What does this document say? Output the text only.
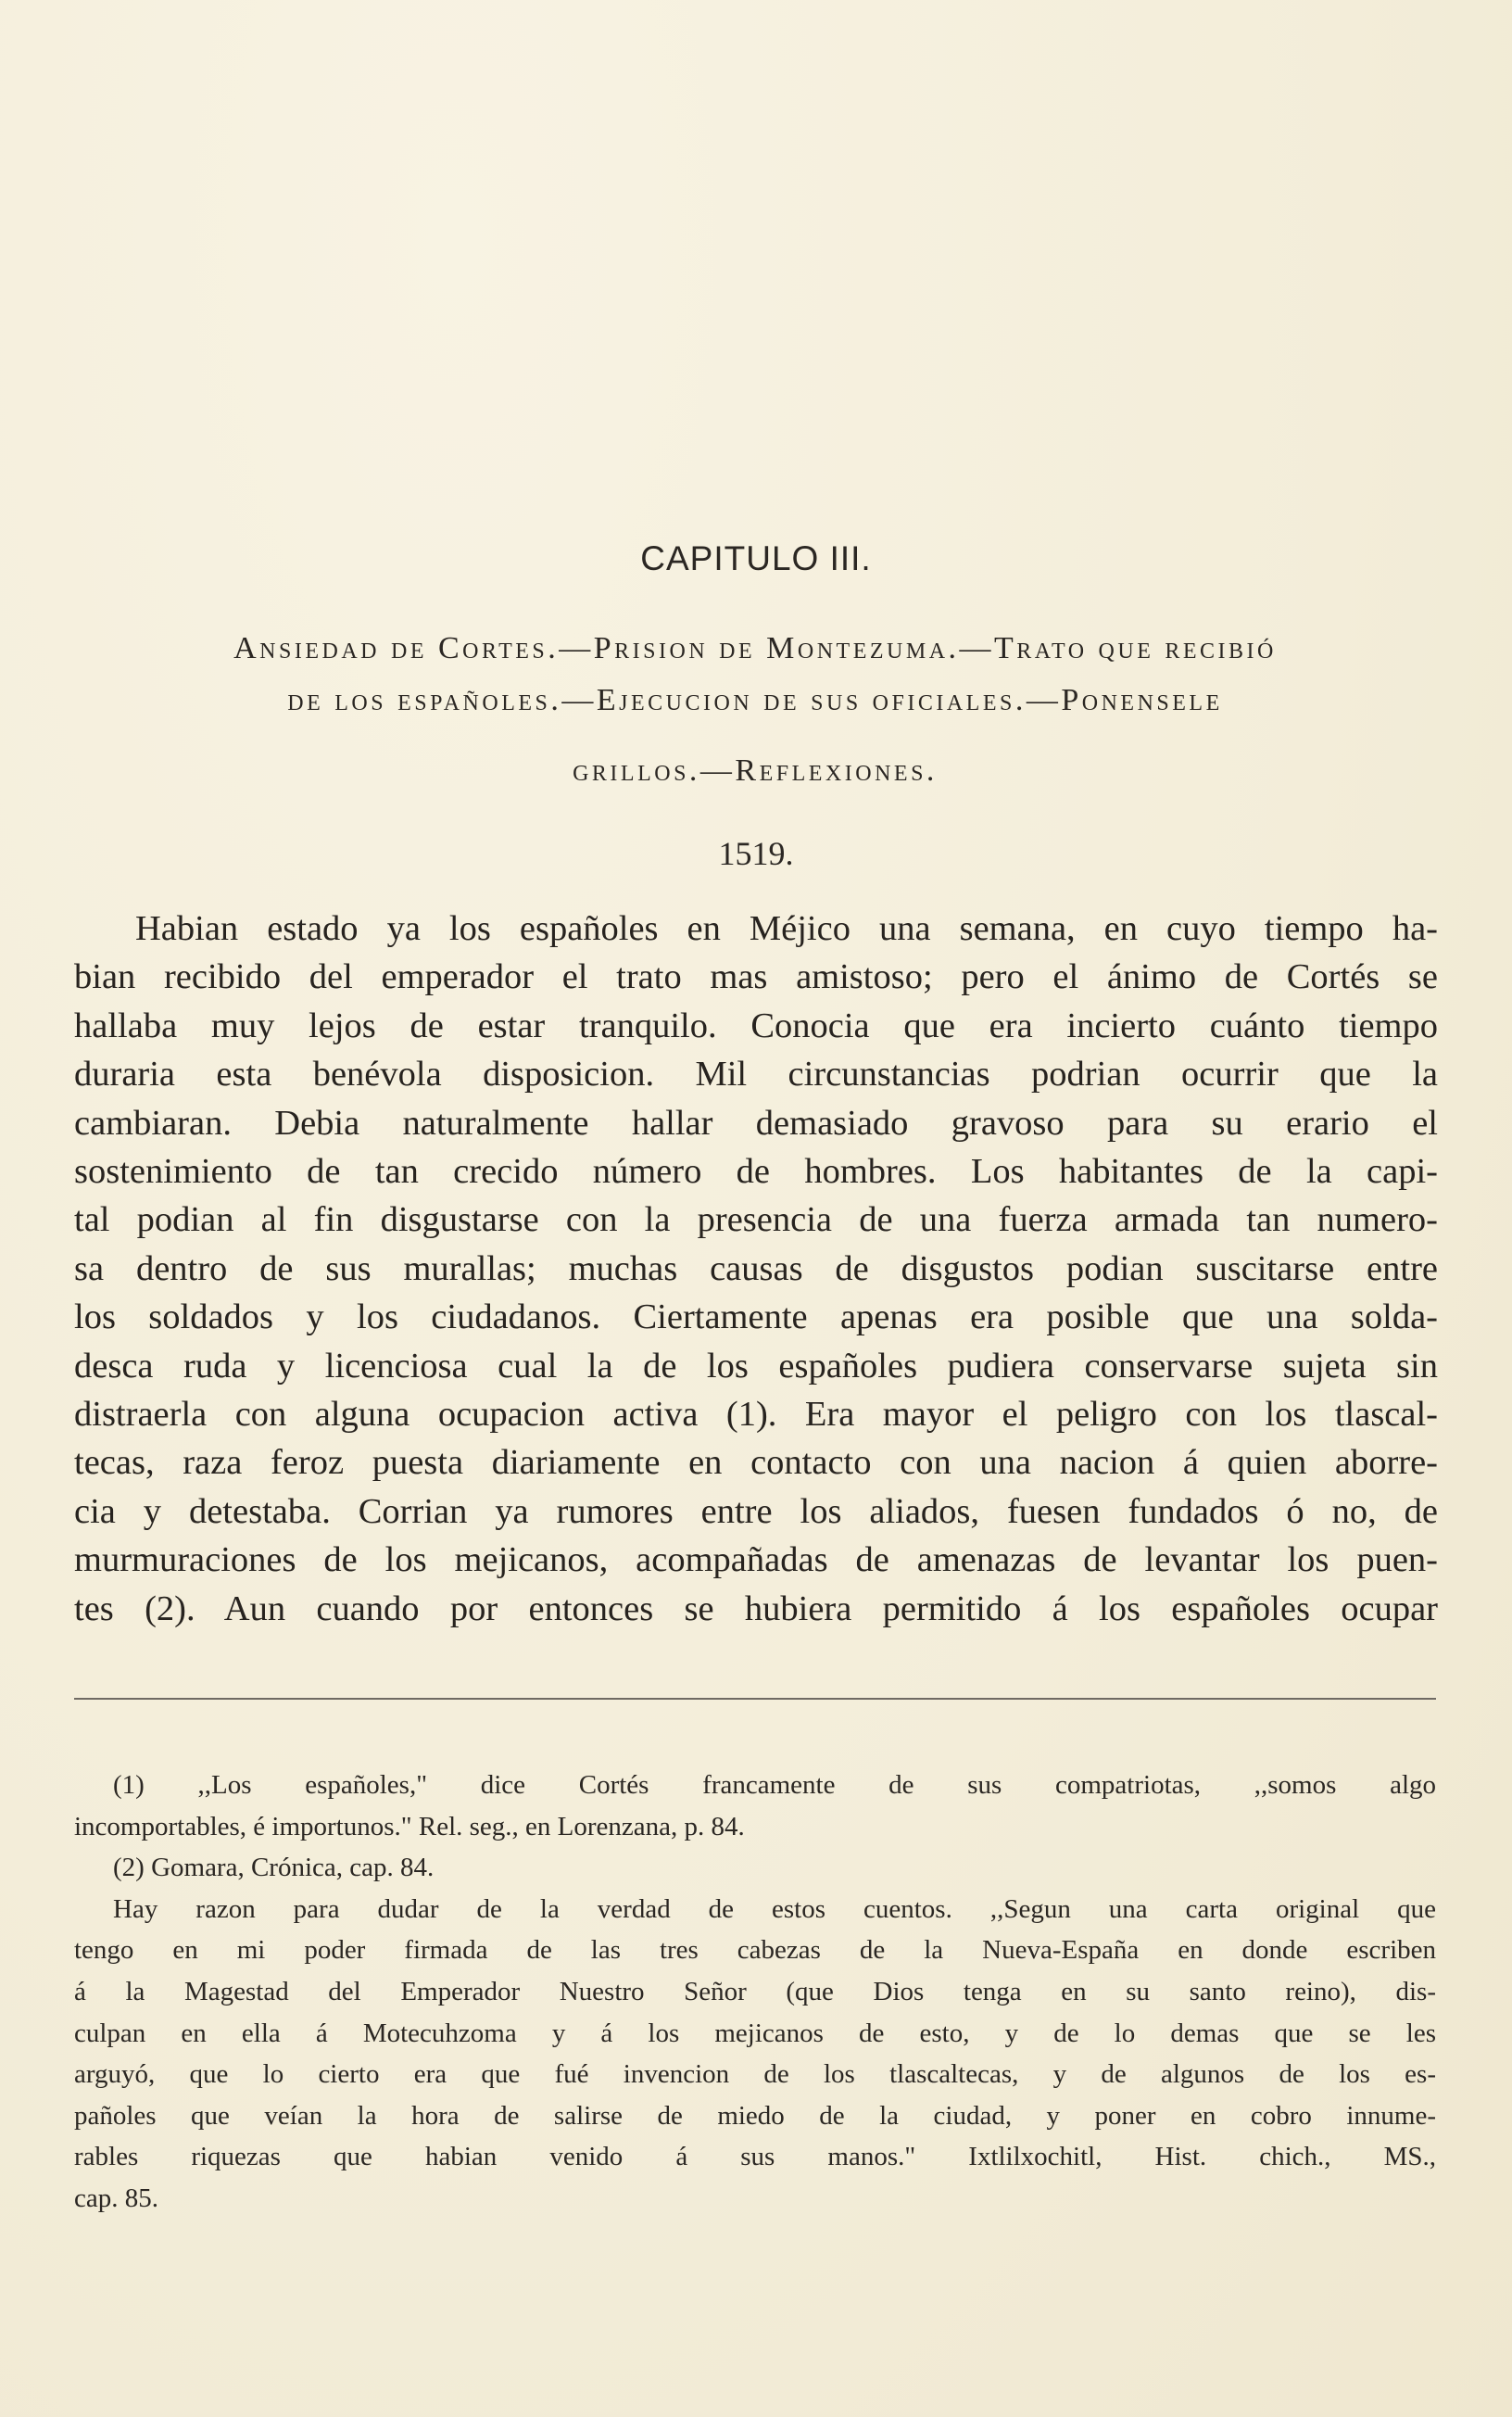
CAPITULO III.
Ansiedad de Cortes.—Prision de Montezuma.—Trato que recibió
de los españoles.—Ejecucion de sus oficiales.—Ponensele
grillos.—Reflexiones.
1519.
Habian estado ya los españoles en Méjico una semana, en cuyo tiempo ha-
bian recibido del emperador el trato mas amistoso; pero el ánimo de Cortés se
hallaba muy lejos de estar tranquilo. Conocia que era incierto cuánto tiempo
duraria esta benévola disposicion. Mil circunstancias podrian ocurrir que la
cambiaran. Debia naturalmente hallar demasiado gravoso para su erario el
sostenimiento de tan crecido número de hombres. Los habitantes de la capi-
tal podian al fin disgustarse con la presencia de una fuerza armada tan numero-
sa dentro de sus murallas; muchas causas de disgustos podian suscitarse entre
los soldados y los ciudadanos. Ciertamente apenas era posible que una solda-
desca ruda y licenciosa cual la de los españoles pudiera conservarse sujeta sin
distraerla con alguna ocupacion activa (1). Era mayor el peligro con los tlascal-
tecas, raza feroz puesta diariamente en contacto con una nacion á quien aborre-
cia y detestaba. Corrian ya rumores entre los aliados, fuesen fundados ó no, de
murmuraciones de los mejicanos, acompañadas de amenazas de levantar los puen-
tes (2). Aun cuando por entonces se hubiera permitido á los españoles ocupar
(1) ,,Los españoles," dice Cortés francamente de sus compatriotas, ,,somos algo
incomportables, é importunos." Rel. seg., en Lorenzana, p. 84.
(2) Gomara, Crónica, cap. 84.
Hay razon para dudar de la verdad de estos cuentos. ,,Segun una carta original que
tengo en mi poder firmada de las tres cabezas de la Nueva-España en donde escriben
á la Magestad del Emperador Nuestro Señor (que Dios tenga en su santo reino), dis-
culpan en ella á Motecuhzoma y á los mejicanos de esto, y de lo demas que se les
arguyó, que lo cierto era que fué invencion de los tlascaltecas, y de algunos de los es-
pañoles que veían la hora de salirse de miedo de la ciudad, y poner en cobro innume-
rables riquezas que habian venido á sus manos." Ixtlilxochitl, Hist. chich., MS.,
cap. 85.
